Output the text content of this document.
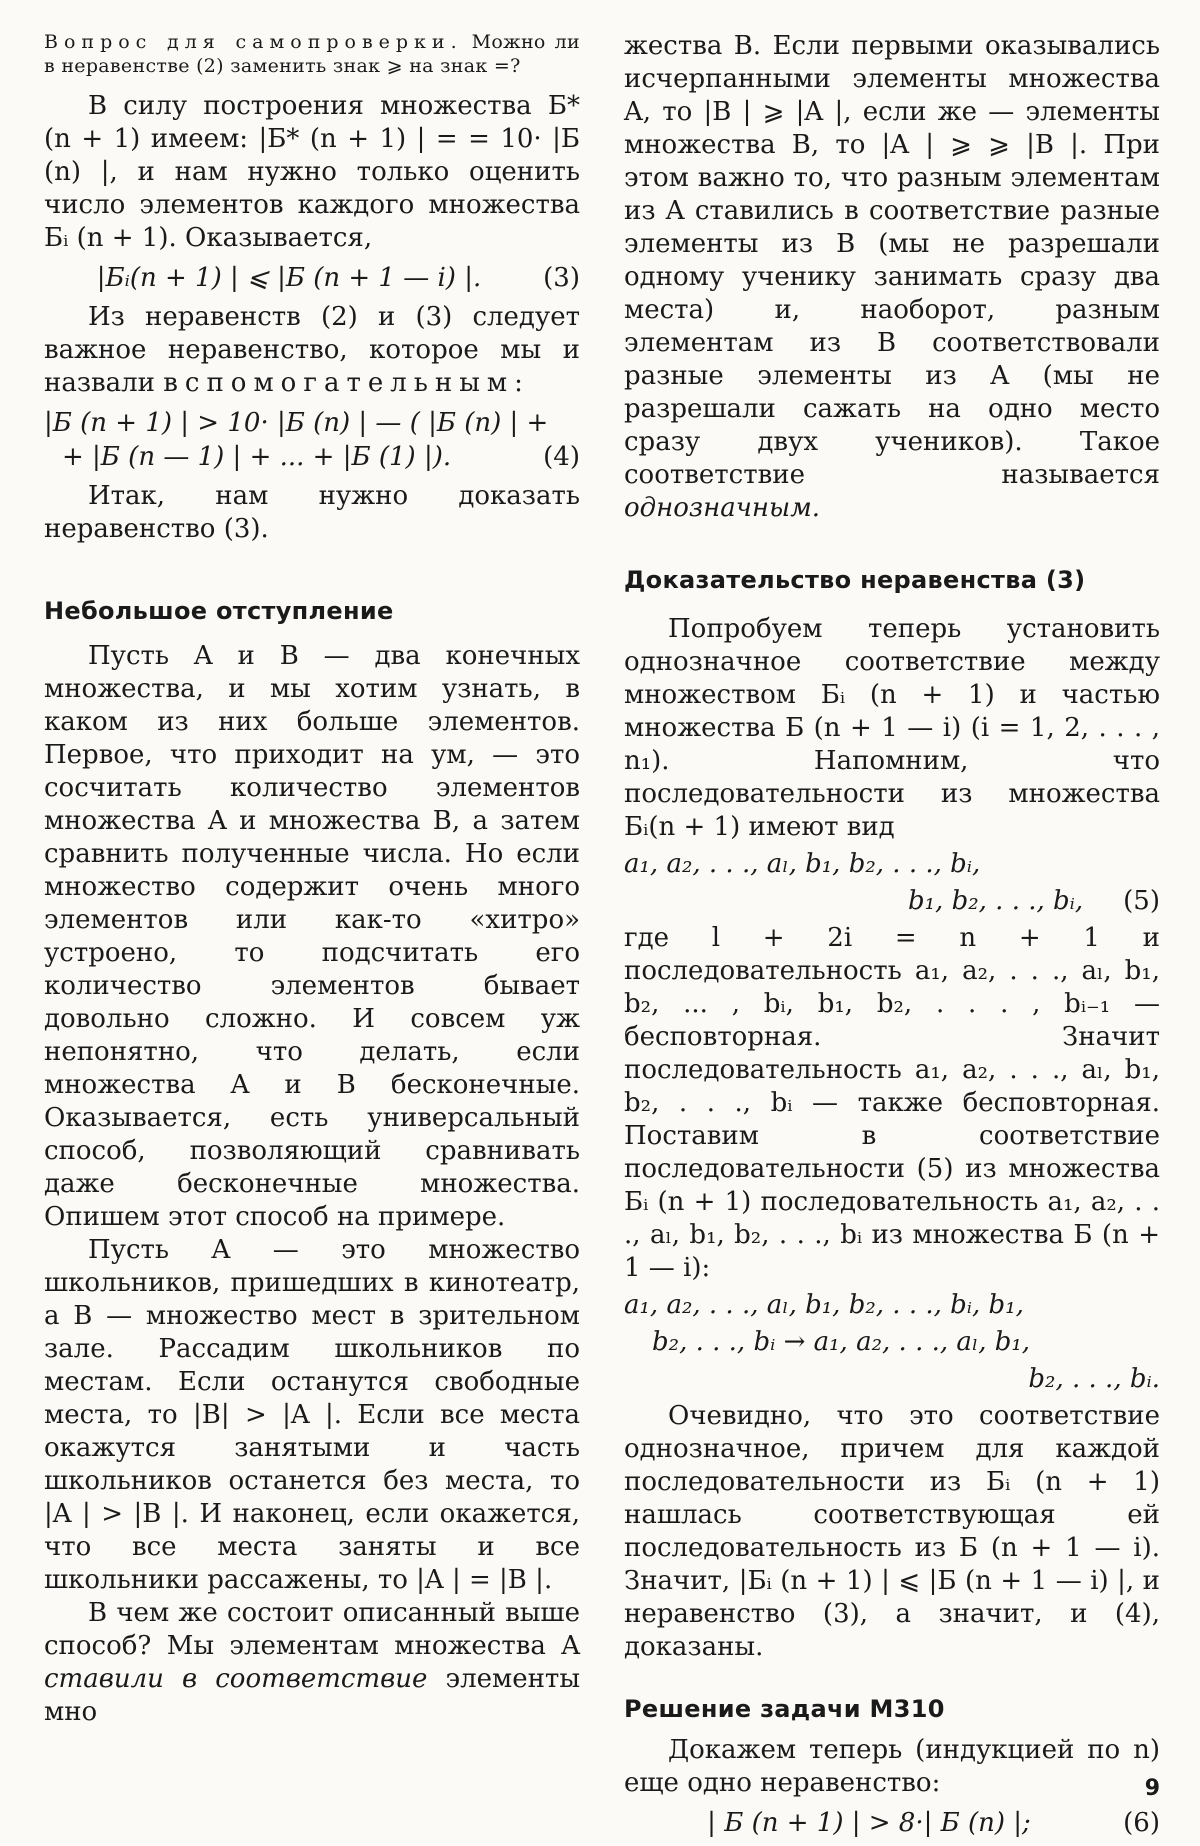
Вопрос для самопроверки. Можно ли в неравенстве (2) заменить знак ⩾ на знак =?

В силу построения множества Б* (n + 1) имеем: |Б* (n + 1) | = = 10· |Б (n) |, и нам нужно только оценить число элементов каждого множества Бᵢ (n + 1). Оказывается,

|Бᵢ(n + 1) | ⩽ |Б (n + 1 — i) |.	(3)

Из неравенств (2) и (3) следует важное неравенство, которое мы и назвали вспомогательным:

|Б (n + 1) | > 10· |Б (n) | — ( |Б (n) | +
+ |Б (n — 1) | + ... + |Б (1) |).	(4)

Итак, нам нужно доказать неравенство (3).

Небольшое отступление

Пусть A и B — два конечных множества, и мы хотим узнать, в каком из них больше элементов. Первое, что приходит на ум, — это сосчитать количество элементов множества A и множества B, а затем сравнить полученные числа. Но если множество содержит очень много элементов или как-то «хитро» устроено, то подсчитать его количество элементов бывает довольно сложно. И совсем уж непонятно, что делать, если множества A и B бесконечные. Оказывается, есть универсальный способ, позволяющий сравнивать даже бесконечные множества. Опишем этот способ на примере.

Пусть A — это множество школьников, пришедших в кинотеатр, а B — множество мест в зрительном зале. Рассадим школьников по местам. Если останутся свободные места, то |B| > |A |. Если все места окажутся занятыми и часть школьников останется без места, то |A | > |B |. И наконец, если окажется, что все места заняты и все школьники рассажены, то |A | = |B |.

В чем же состоит описанный выше способ? Мы элементам множества A ставили в соответствие элементы мно

жества B. Если первыми оказывались исчерпанными элементы множества A, то |B | ⩾ |A |, если же — элементы множества B, то |A | ⩾ ⩾ |B |. При этом важно то, что разным элементам из A ставились в соответствие разные элементы из B (мы не разрешали одному ученику занимать сразу два места) и, наоборот, разным элементам из B соответствовали разные элементы из A (мы не разрешали сажать на одно место сразу двух учеников). Такое соответствие называется однозначным.

Доказательство неравенства (3)

Попробуем теперь установить однозначное соответствие между множеством Бᵢ (n + 1) и частью множества Б (n + 1 — i) (i = 1, 2, . . . , n₁). Напомним, что последовательности из множества Бᵢ(n + 1) имеют вид

a₁, a₂, . . ., aₗ, b₁, b₂, . . ., bᵢ,
b₁, b₂, . . ., bᵢ, (5)

где l + 2i = n + 1 и последовательность a₁, a₂, . . ., aₗ, b₁, b₂, ... , bᵢ, b₁, b₂, . . . , bᵢ₋₁ — бесповторная. Значит последовательность a₁, a₂, . . ., aₗ, b₁, b₂, . . ., bᵢ — также бесповторная. Поставим в соответствие последовательности (5) из множества Бᵢ (n + 1) последовательность a₁, a₂, . . ., aₗ, b₁, b₂, . . ., bᵢ из множества Б (n + 1 — i):

a₁, a₂, . . ., aₗ, b₁, b₂, . . ., bᵢ, b₁,
b₂, . . ., bᵢ → a₁, a₂, . . ., aₗ, b₁,
b₂, . . ., bᵢ.

Очевидно, что это соответствие однозначное, причем для каждой последовательности из Бᵢ (n + 1) нашлась соответствующая ей последовательность из Б (n + 1 — i). Значит, |Бᵢ (n + 1) | ⩽ |Б (n + 1 — i) |, и неравенство (3), а значит, и (4), доказаны.

Решение задачи М310

Докажем теперь (индукцией по n) еще одно неравенство:

| Б (n + 1) | > 8·| Б (n) |;	(6)
9
